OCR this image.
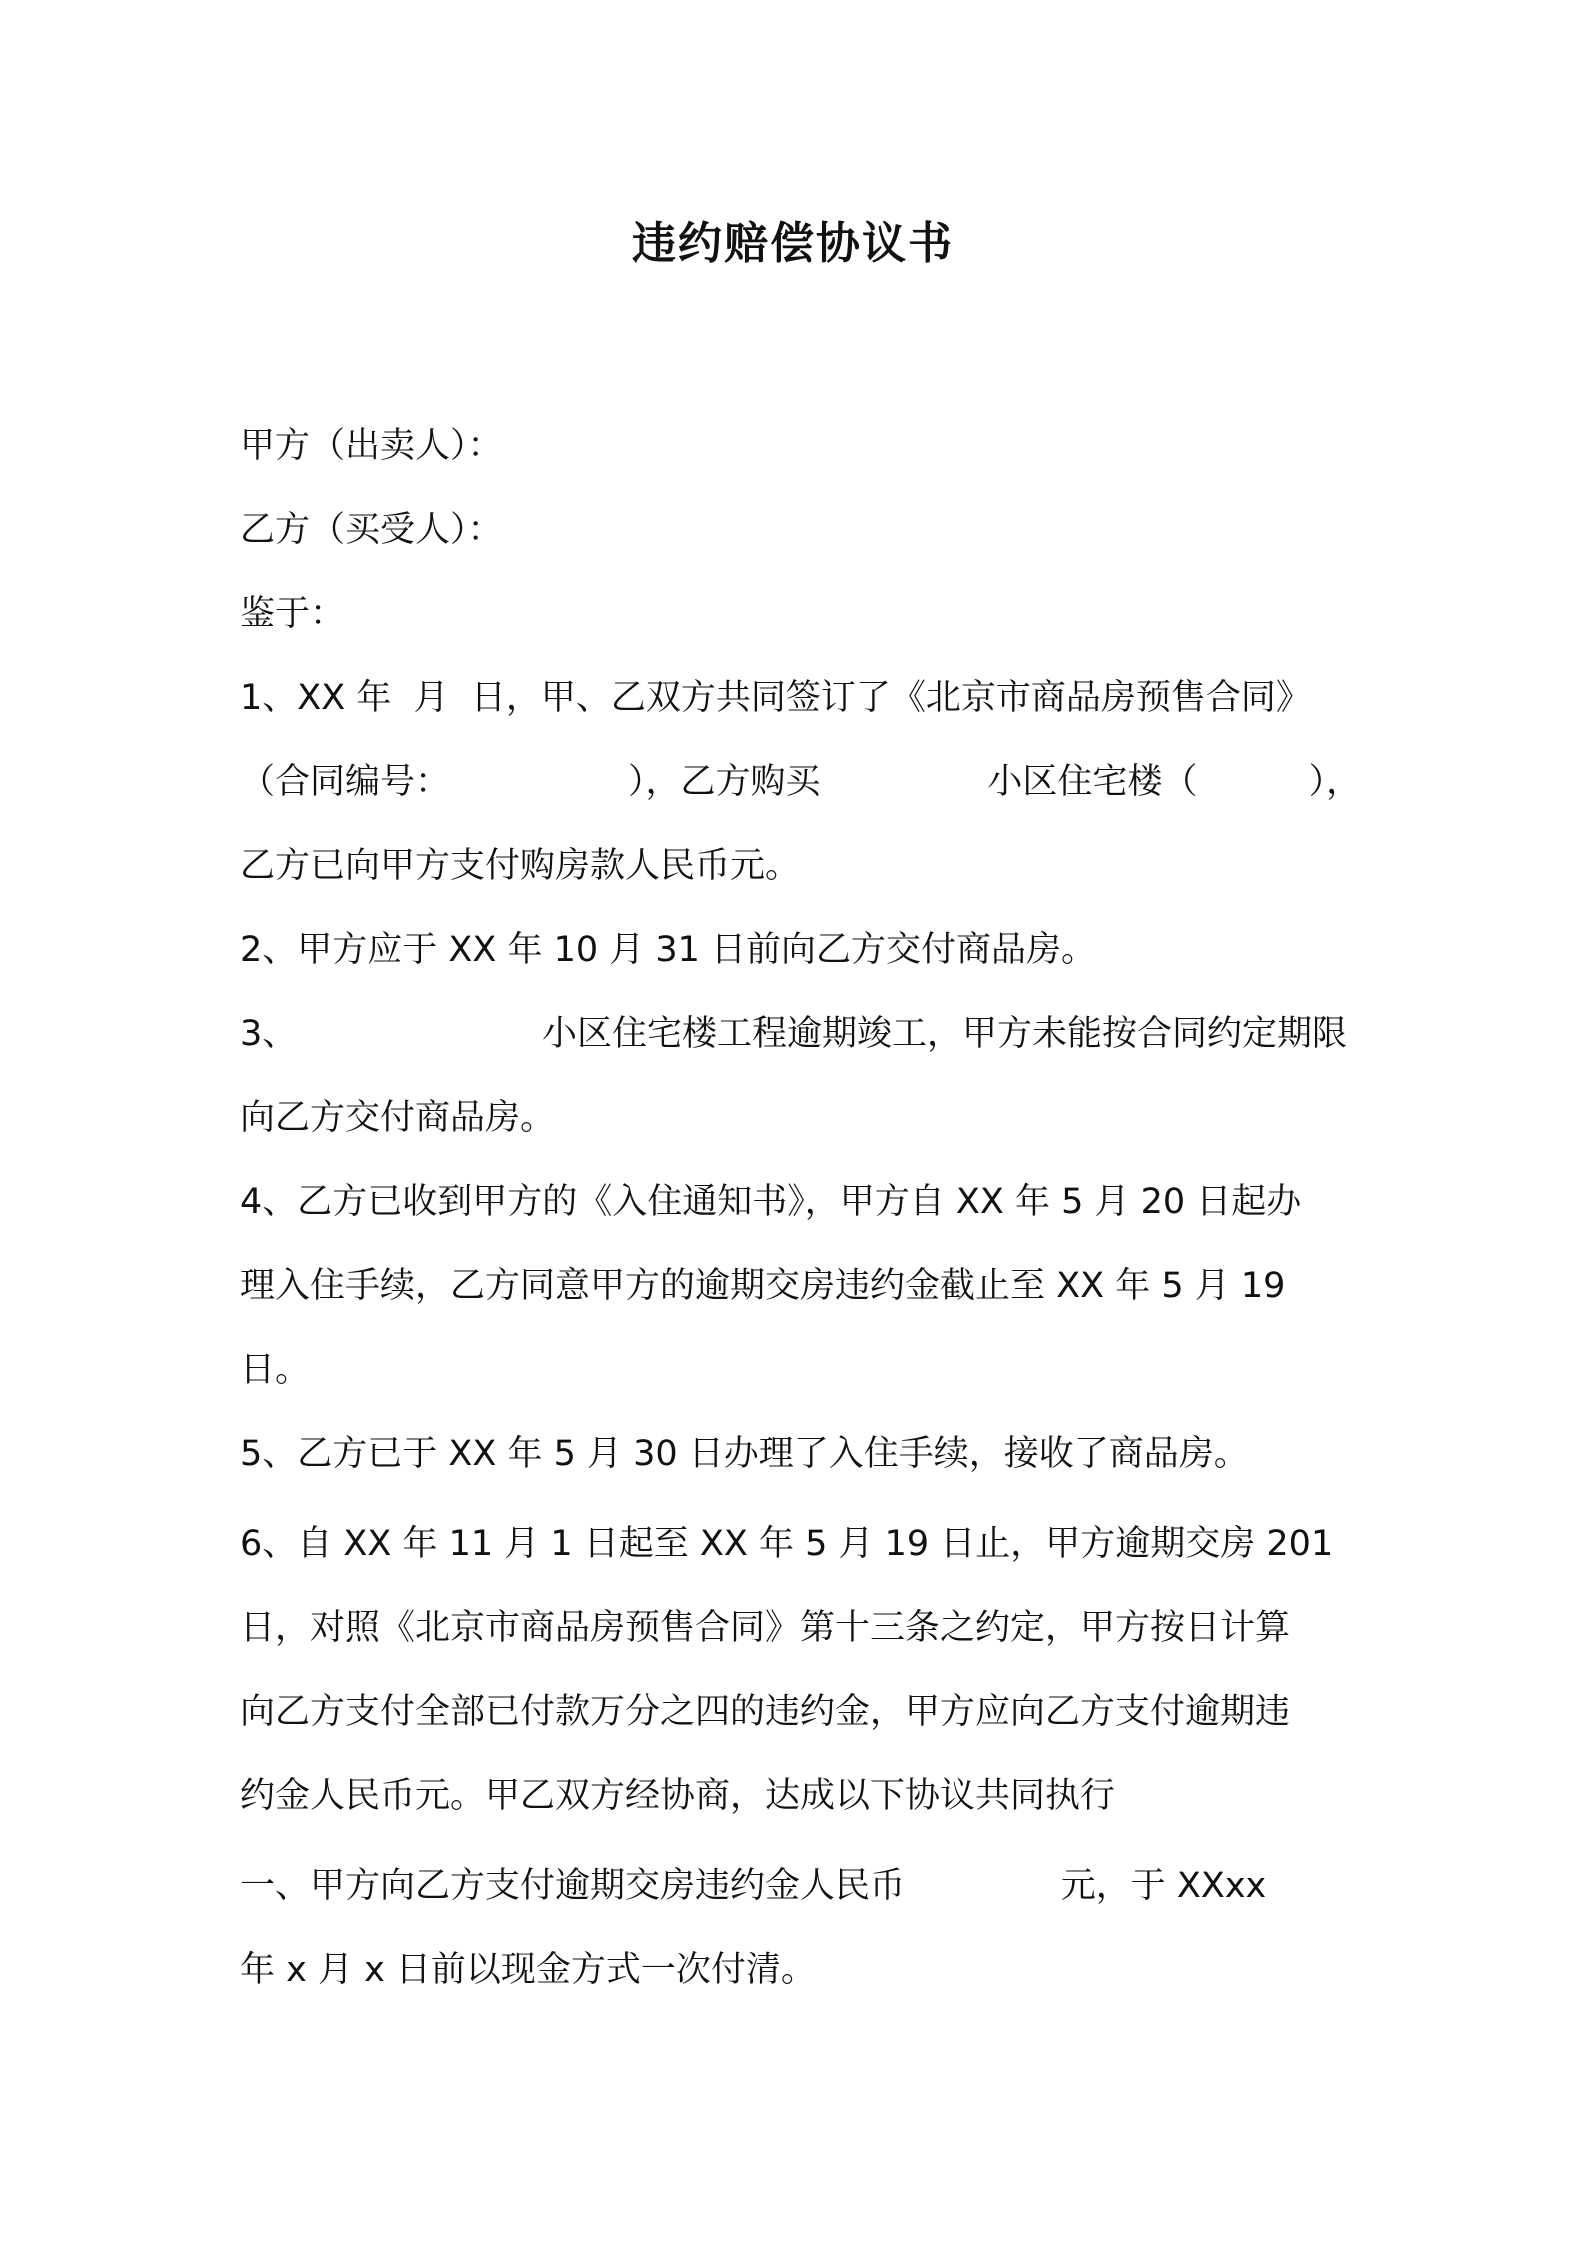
违约赔偿协议书
甲方（出卖人）：
乙方（买受人）：
鉴于：
1、XX 年  月  日，甲、乙双方共同签订了《北京市商品房预售合同》
（合同编号：                ），乙方购买               小区住宅楼（          ），
乙方已向甲方支付购房款人民币元。
2、甲方应于 XX 年 10 月 31 日前向乙方交付商品房。
3、                      小区住宅楼工程逾期竣工，甲方未能按合同约定期限
向乙方交付商品房。
4、乙方已收到甲方的《入住通知书》，甲方自 XX 年 5 月 20 日起办
理入住手续，乙方同意甲方的逾期交房违约金截止至 XX 年 5 月 19
日。
5、乙方已于 XX 年 5 月 30 日办理了入住手续，接收了商品房。
6、自 XX 年 11 月 1 日起至 XX 年 5 月 19 日止，甲方逾期交房 201
日，对照《北京市商品房预售合同》第十三条之约定，甲方按日计算
向乙方支付全部已付款万分之四的违约金，甲方应向乙方支付逾期违
约金人民币元。甲乙双方经协商，达成以下协议共同执行
一、甲方向乙方支付逾期交房违约金人民币              元，于 XXxx
年 x 月 x 日前以现金方式一次付清。
